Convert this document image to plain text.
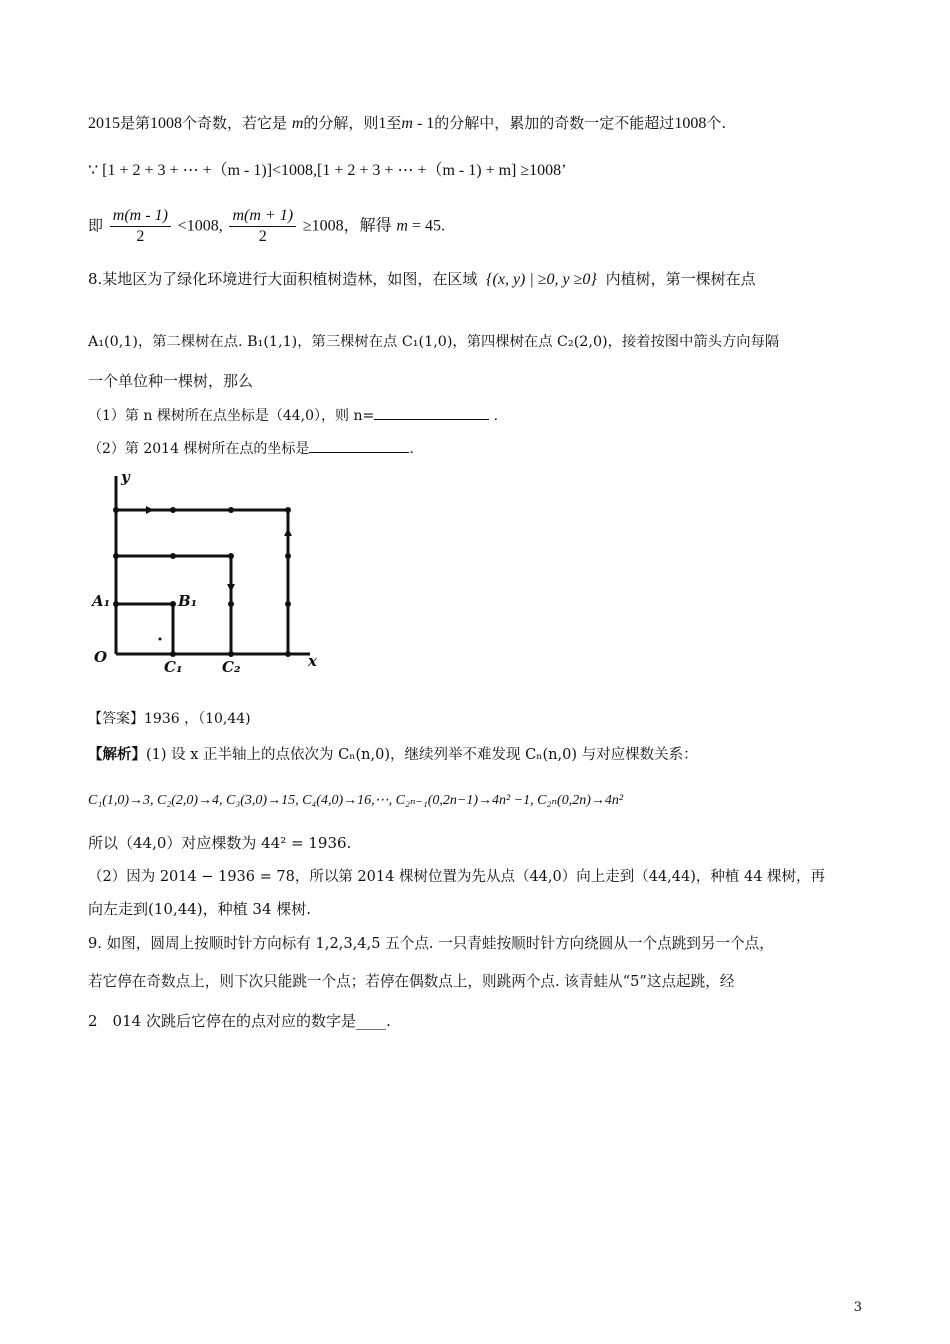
2015是第1008个奇数，若它是 m的分解，则1至m - 1的分解中，累加的奇数一定不能超过1008个.
∵ [1 + 2 + 3 + ⋯ +（m - 1)]<1008,[1 + 2 + 3 + ⋯ +（m - 1) + m] ≥1008’
即 $\frac{m(m - 1)}{2} <1008$, $\frac{m(m + 1)}{2} \ge 1008$，解得 m = 45.
8.某地区为了绿化环境进行大面积植树造林，如图，在区域 {(x, y) | ≥0, y ≥0} 内植树，第一棵树在点
A₁(0,1)，第二棵树在点. B₁(1,1)，第三棵树在点 C₁(1,0)，第四棵树在点 C₂(2,0)，接着按图中箭头方向每隔
一个单位种一棵树，那么
（1）第 n 棵树所在点坐标是（44,0），则 n=	.
（2）第 2014 棵树所在点的坐标是	.
y
x
O
A₁	B₁
C₁	C₂
【答案】1936 ，（10,44)
【解析】(1) 设 x 正半轴上的点依次为 Cₙ(n,0)，继续列举不难发现 Cₙ(n,0) 与对应棵数关系：
C₁(1,0)→3, C₂(2,0)→4, C₃(3,0)→15, C₄(4,0)→16,⋯, C₂ₙ₋₁(0,2n−1)→4n² −1, C₂ₙ(0,2n)→4n²
所以（44,0）对应棵数为 44² = 1936.
（2）因为 2014 − 1936 = 78，所以第 2014 棵树位置为先从点（44,0）向上走到（44,44)，种植 44 棵树，再
向左走到(10,44)，种植 34 棵树.
9. 如图，圆周上按顺时针方向标有 1,2,3,4,5 五个点. 一只青蛙按顺时针方向绕圆从一个点跳到另一个点，
若它停在奇数点上，则下次只能跳一个点；若停在偶数点上，则跳两个点. 该青蛙从“5”这点起跳，经
2　014 次跳后它停在的点对应的数字是____.
3
